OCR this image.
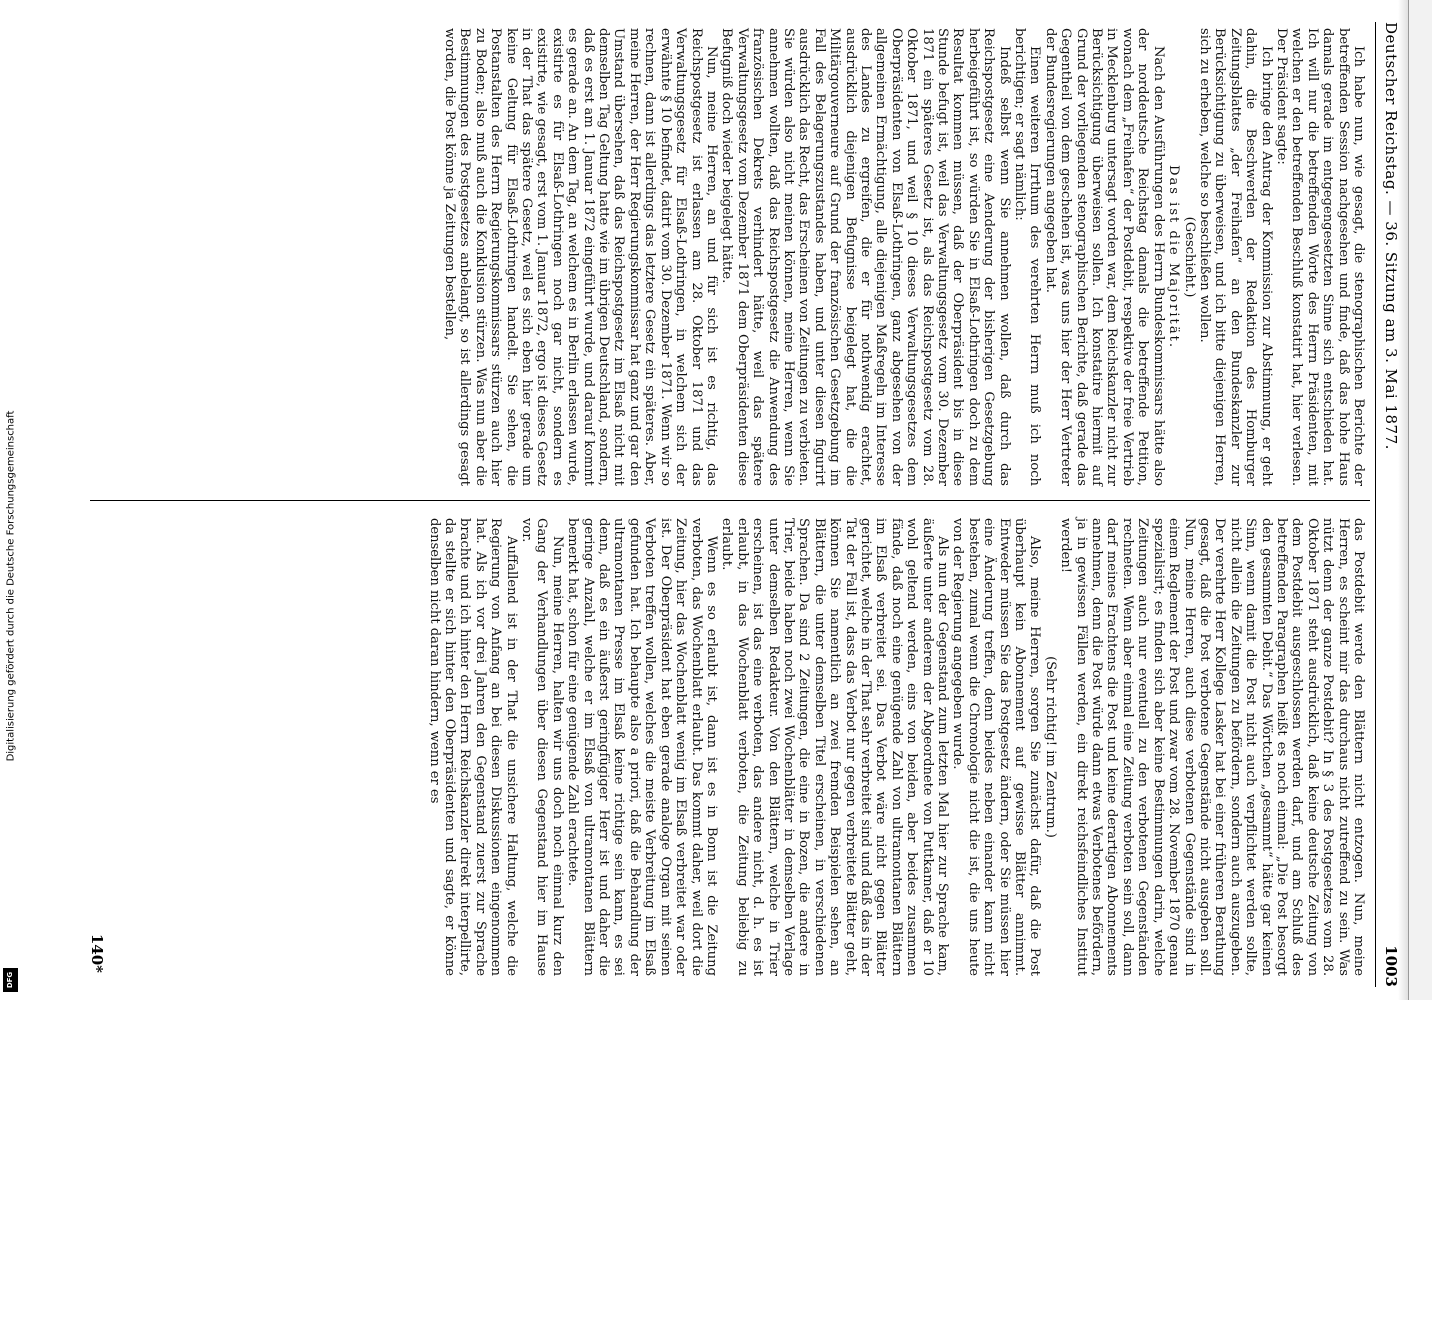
Digitalisierung gefördert durch die Deutsche Forschungsgemeinschaft
DFG
Deutscher Reichstag. — 36. Sitzung am 3. Mai 1877.
1003

Ich habe nun, wie gesagt, die stenographischen Berichte der betreffenden Session nachgesehen und finde, daß das hohe Haus damals gerade im entgegengesetzten Sinne sich entschieden hat. Ich will nur die betreffenden Worte des Herrn Präsidenten, mit welchen er den betreffenden Beschluß konstatirt hat, hier verlesen. Der Präsident sagte:

Ich bringe den Antrag der Kommission zur Abstimmung, er geht dahin, die Beschwerden der Redaktion des Homburger Zeitungsblattes „der Freihafen“ an den Bundeskanzler zur Berücksichtigung zu überweisen, und ich bitte diejenigen Herren, sich zu erheben, welche so beschließen wollen.

(Geschieht.)

Das ist die Majorität.

Nach den Ausführungen des Herrn Bundeskommissars hätte also der norddeutsche Reichstag damals die betreffende Petition, wonach dem „Freihafen“ der Postdebit, respektive der freie Vertrieb in Mecklenburg untersagt worden war, dem Reichskanzler nicht zur Berücksichtigung überweisen sollen. Ich konstatire hiermit auf Grund der vorliegenden stenographischen Berichte, daß gerade das Gegentheil von dem geschehen ist, was uns hier der Herr Vertreter der Bundesregierungen angegeben hat.

Einen weiteren Irrthum des verehrten Herrn muß ich noch berichtigen; er sagt nämlich:

Indeß selbst wenn Sie annehmen wollen, daß durch das Reichspostgesetz eine Aenderung der bisherigen Gesetzgebung herbeigeführt ist, so würden Sie in Elsaß-Lothringen doch zu dem Resultat kommen müssen, daß der Oberpräsident bis in diese Stunde befugt ist, weil das Verwaltungsgesetz vom 30. Dezember 1871 ein späteres Gesetz ist, als das Reichspostgesetz vom 28. Oktober 1871, und weil § 10 dieses Verwaltungsgesetzes dem Oberpräsidenten von Elsaß-Lothringen, ganz abgesehen von der allgemeinen Ermächtigung, alle diejenigen Maßregeln im Interesse des Landes zu ergreifen, die er für nothwendig erachtet, ausdrücklich diejenigen Befugnisse beigelegt hat, die die Militärgouverneure auf Grund der französischen Gesetzgebung im Fall des Belagerungszustandes haben, und unter diesen figurirt ausdrücklich das Recht, das Erscheinen von Zeitungen zu verbieten. Sie würden also nicht meinen können, meine Herren, wenn Sie annehmen wollten, daß das Reichspostgesetz die Anwendung des französischen Dekrets verhindert hätte, weil das spätere Verwaltungsgesetz vom Dezember 1871 dem Oberpräsidenten diese Befugniß doch wieder beigelegt hätte.

Nun, meine Herren, an und für sich ist es richtig, das Reichspostgesetz ist erlassen am 28. Oktober 1871 und das Verwaltungsgesetz für Elsaß-Lothringen, in welchem sich der erwähnte § 10 befindet, datirt vom 30. Dezember 1871. Wenn wir so rechnen, dann ist allerdings das letztere Gesetz ein späteres. Aber, meine Herren, der Herr Regierungskommissar hat ganz und gar den Umstand übersehen, daß das Reichspostgesetz im Elsaß nicht mit demselben Tag Geltung hatte wie im übrigen Deutschland, sondern, daß es erst am 1. Januar 1872 eingeführt wurde, und darauf kommt es gerade an. An dem Tag, an welchem es in Berlin erlassen wurde, existirte es für Elsaß-Lothringen noch gar nicht, sondern es existirte, wie gesagt, erst vom 1. Januar 1872, ergo ist dieses Gesetz in der That das spätere Gesetz, weil es sich eben hier gerade um keine Geltung für Elsaß-Lothringen handelt. Sie sehen, die Postanstalten des Herrn Regierungskommissars stürzen auch hier zu Boden; also muß auch die Konklusion stürzen. Was nun aber die Bestimmungen des Postgesetzes anbelangt, so ist allerdings gesagt worden, die Post könne ja Zeitungen bestellen,

das Postdebit werde den Blättern nicht entzogen. Nun, meine Herren, es scheint mir das durchaus nicht zutreffend zu sein. Was nützt denn der ganze Postdebit? In § 3 des Postgesetzes vom 28. Oktober 1871 steht ausdrücklich, daß keine deutsche Zeitung von dem Postdebit ausgeschlossen werden darf, und am Schluß des betreffenden Paragraphen heißt es noch einmal: „Die Post besorgt den gesammten Debit.“ Das Wörtchen „gesammt“ hätte gar keinen Sinn, wenn damit die Post nicht auch verpflichtet werden sollte, nicht allein die Zeitungen zu befördern, sondern auch auszugeben. Der verehrte Herr Kollege Lasker hat bei einer früheren Berathung gesagt, daß die Post verbotene Gegenstände nicht ausgeben soll. Nun, meine Herren, auch diese verbotenen Gegenstände sind in einem Reglement der Post und zwar vom 28. November 1870 genau spezialisirt; es finden sich aber keine Bestimmungen darin, welche Zeitungen auch nur eventuell zu den verbotenen Gegenständen rechneten. Wenn aber einmal eine Zeitung verboten sein soll, dann darf meines Erachtens die Post und keine derartigen Abonnements annehmen, denn die Post würde dann etwas Verbotenes befördern, ja in gewissen Fällen werden, ein direkt reichsfeindliches Institut werden!

(Sehr richtig! im Zentrum.)

Also, meine Herren, sorgen Sie zunächst dafür, daß die Post überhaupt kein Abonnement auf gewisse Blätter annimmt. Entweder müssen Sie das Postgesetz ändern, oder Sie müssen hier eine Änderung treffen, denn beides neben einander kann nicht bestehen, zumal wenn die Chronologie nicht die ist, die uns heute von der Regierung angegeben wurde.

Als nun der Gegenstand zum letzten Mal hier zur Sprache kam, äußerte unter anderem der Abgeordnete von Puttkamer, daß er 10 wohl geltend werden, eins von beiden, aber beides zusammen fände, daß noch eine genügende Zahl von ultramontanen Blättern im Elsaß verbreitet sei. Das Verbot wäre nicht gegen Blätter gerichtet, welche in der That sehr verbreitet sind und daß das in der Tat der Fall ist, dass das Verbot nur gegen verbreitete Blätter geht, können Sie namentlich an zwei fremden Beispielen sehen, an Blättern, die unter demselben Titel erscheinen, in verschiedenen Sprachen. Da sind 2 Zeitungen, die eine in Bozen, die andere in Trier, beide haben noch zwei Wochenblätter in demselben Verlage unter demselben Redakteur. Von den Blättern, welche in Trier erscheinen, ist das eine verboten, das andere nicht, d. h. es ist erlaubt, in das Wochenblatt verboten, die Zeitung beliebig zu erlaubt.

Wenn es so erlaubt ist, dann ist es in Bonn ist die Zeitung verboten, das Wochenblatt erlaubt. Das kommt daher, weil dort die Zeitung, hier das Wochenblatt wenig im Elsaß verbreitet war oder ist. Der Oberpräsident hat eben gerade analoge Organ mit seinen Verboten treffen wollen, welches die meiste Verbreitung im Elsaß gefunden hat. Ich behaupte also a priori, daß die Behandlung der ultramontanen Presse im Elsaß keine richtige sein kann, es sei denn, daß es ein äußerst geringfügiger Herr ist und daher die geringe Anzahl, welche er im Elsaß von ultramontanen Blättern bemerkt hat, schon für eine genügende Zahl erachtete.

Nun, meine Herren, halten wir uns doch noch einmal kurz den Gang der Verhandlungen über diesen Gegenstand hier im Hause vor.

Auffallend ist in der That die unsichere Haltung, welche die Regierung von Anfang an bei diesen Diskussionen eingenommen hat. Als ich vor drei Jahren den Gegenstand zuerst zur Sprache brachte und ich hinter den Herrn Reichskanzler direkt interpellirte, da stellte er sich hinter den Oberpräsidenten und sagte, er könne denselben nicht daran hindern, wenn er es

140*
